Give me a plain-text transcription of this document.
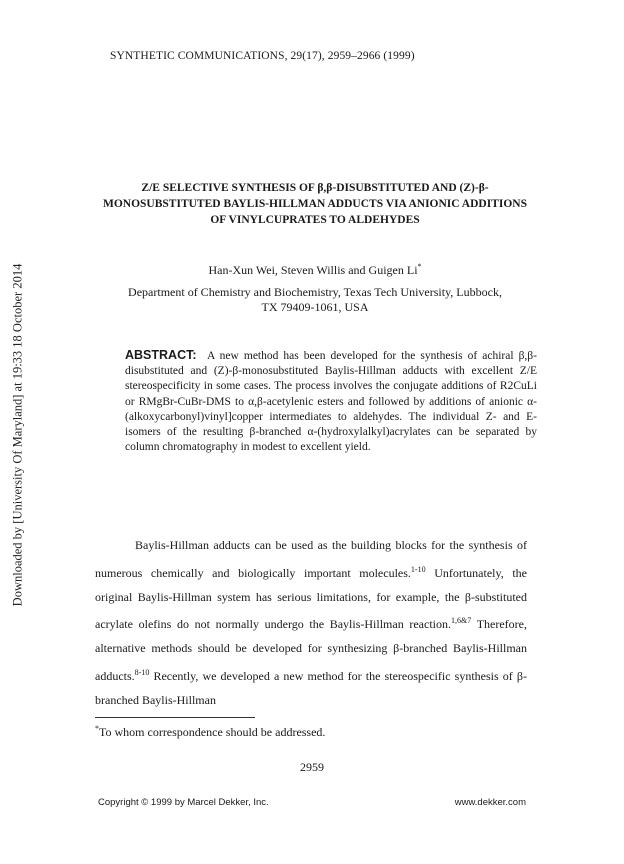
Downloaded by [University Of Maryland] at 19:33 18 October 2014
SYNTHETIC COMMUNICATIONS, 29(17), 2959–2966 (1999)
Z/E SELECTIVE SYNTHESIS OF β,β-DISUBSTITUTED AND (Z)-β-MONOSUBSTITUTED BAYLIS-HILLMAN ADDUCTS VIA ANIONIC ADDITIONS OF VINYLCUPRATES TO ALDEHYDES
Han-Xun Wei, Steven Willis and Guigen Li*
Department of Chemistry and Biochemistry, Texas Tech University, Lubbock,
TX 79409-1061, USA
ABSTRACT: A new method has been developed for the synthesis of achiral β,β-disubstituted and (Z)-β-monosubstituted Baylis-Hillman adducts with excellent Z/E stereospecificity in some cases. The process involves the conjugate additions of R2CuLi or RMgBr-CuBr-DMS to α,β-acetylenic esters and followed by additions of anionic α-(alkoxycarbonyl)vinyl]copper intermediates to aldehydes. The individual Z- and E- isomers of the resulting β-branched α-(hydroxylalkyl)acrylates can be separated by column chromatography in modest to excellent yield.
Baylis-Hillman adducts can be used as the building blocks for the synthesis of numerous chemically and biologically important molecules.$^{1-10}$ Unfortunately, the original Baylis-Hillman system has serious limitations, for example, the β-substituted acrylate olefins do not normally undergo the Baylis-Hillman reaction.$^{1,6\&7}$ Therefore, alternative methods should be developed for synthesizing β-branched Baylis-Hillman adducts.$^{8-10}$ Recently, we developed a new method for the stereospecific synthesis of β-branched Baylis-Hillman
*To whom correspondence should be addressed.
2959
Copyright © 1999 by Marcel Dekker, Inc.	www.dekker.com
